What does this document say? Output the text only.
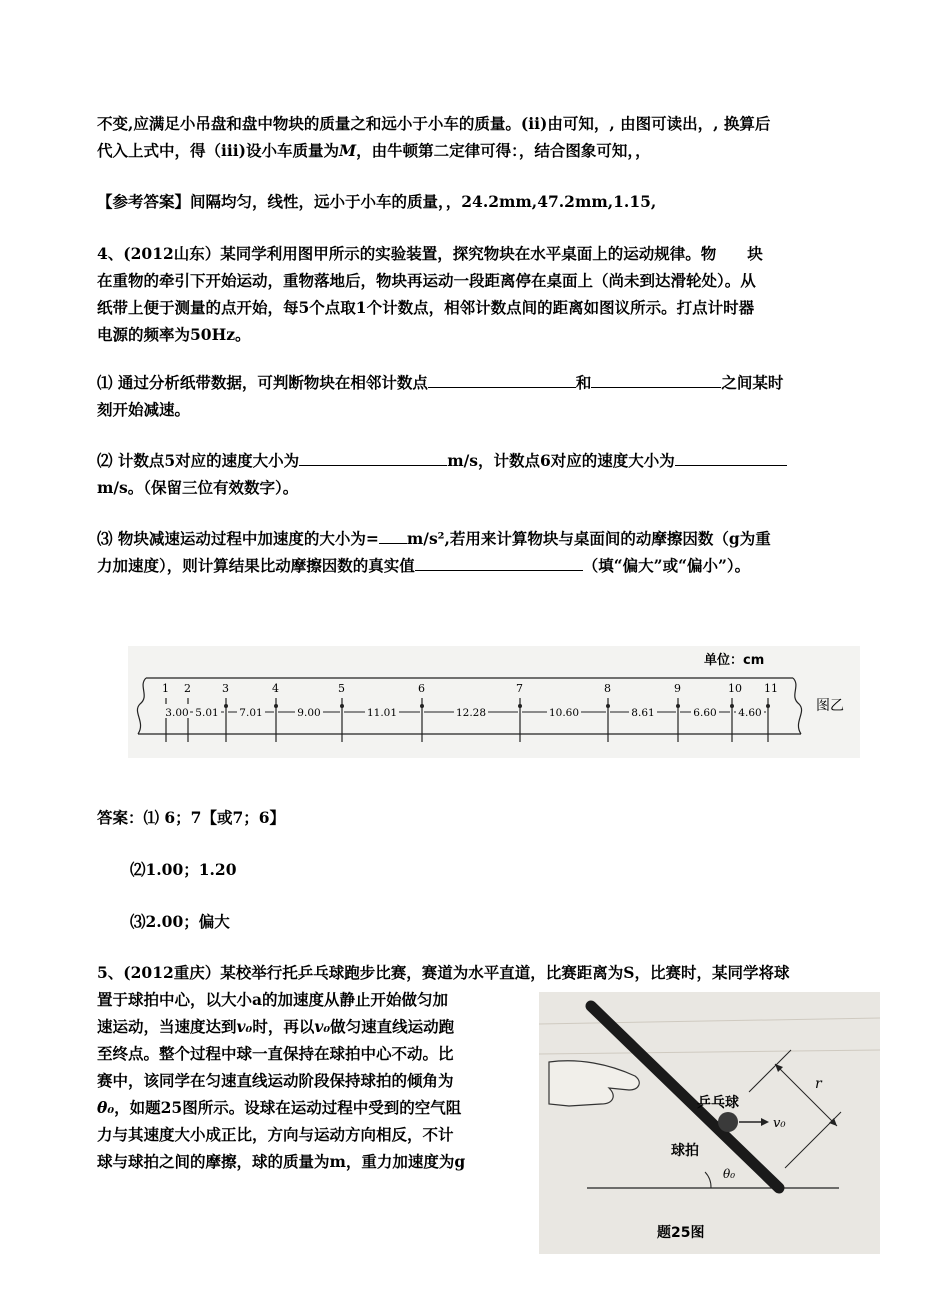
不变,应满足小吊盘和盘中物块的质量之和远小于小车的质量。(ii)由可知，, 由图可读出，, 换算后
代入上式中，得（iii)设小车质量为M，由牛顿第二定律可得：，结合图象可知，，
【参考答案】间隔均匀，线性，远小于小车的质量，，24.2mm,47.2mm,1.15,
4、(2012山东）某同学利用图甲所示的实验装置，探究物块在水平桌面上的运动规律。物　　块
在重物的牵引下开始运动，重物落地后，物块再运动一段距离停在桌面上（尚未到达滑轮处）。从
纸带上便于测量的点开始，每5个点取1个计数点，相邻计数点间的距离如图议所示。打点计时器
电源的频率为50Hz。
⑴ 通过分析纸带数据，可判断物块在相邻计数点	和	之间某时
刻开始减速。
⑵ 计数点5对应的速度大小为	m/s，计数点6对应的速度大小为
m/s。（保留三位有效数字）。
⑶ 物块减速运动过程中加速度的大小为= m/s²,若用来计算物块与桌面间的动摩擦因数（g为重
力加速度），则计算结果比动摩擦因数的真实值	（填“偏大”或“偏小”）。
单位：cm
图乙
1 2	3	4	5	6	7	8	9	10 11
3.00 5.01 7.01	9.00	11.01	12.28	10.60	8.61	6.60 4.60
答案：⑴ 6；7【或7；6】
⑵1.00；1.20
⑶2.00；偏大
5、(2012重庆）某校举行托乒乓球跑步比赛，赛道为水平直道，比赛距离为S，比赛时，某同学将球
置于球拍中心，以大小a的加速度从静止开始做匀加
速运动，当速度达到v₀时，再以v₀做匀速直线运动跑
至终点。整个过程中球一直保持在球拍中心不动。比
赛中，该同学在匀速直线运动阶段保持球拍的倾角为
θ₀，如题25图所示。设球在运动过程中受到的空气阻
力与其速度大小成正比，方向与运动方向相反，不计
球与球拍之间的摩擦，球的质量为m，重力加速度为g
乒乓球
球拍
v₀
r
θ₀
题25图
